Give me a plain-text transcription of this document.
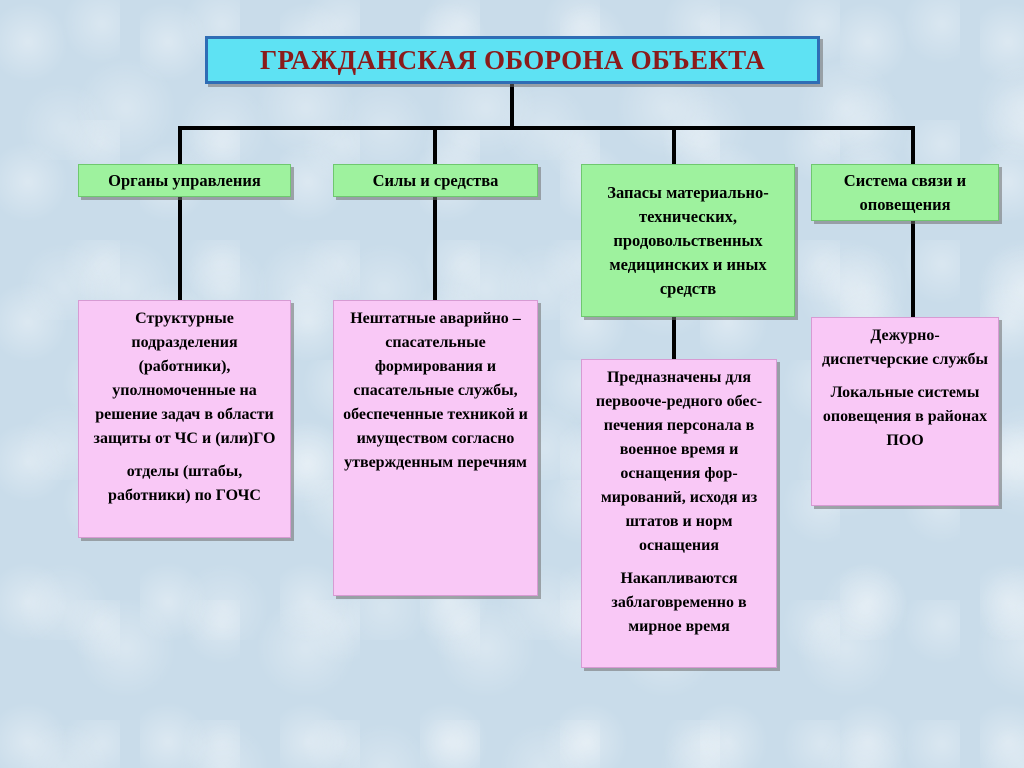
ГРАЖДАНСКАЯ ОБОРОНА ОБЪЕКТА
Органы управления	Силы и средства
Запасы материально-технических, продовольственных медицинских и иных средств
Система связи и оповещения

Структурные подразделения (работники), уполномоченные на решение задач в области защиты от ЧС и (или)ГО

отделы (штабы, работники) по ГОЧС

Нештатные аварийно – спасательные формирования и спасательные службы, обеспеченные техникой и имуществом согласно утвержденным перечням

Предназначены для первооче-редного обес-печения персонала в военное время и оснащения фор-мирований, исходя из штатов и норм оснащения

Накапливаются заблаговременно в мирное время

Дежурно-диспетчерские службы

Локальные системы оповещения в районах ПОО
